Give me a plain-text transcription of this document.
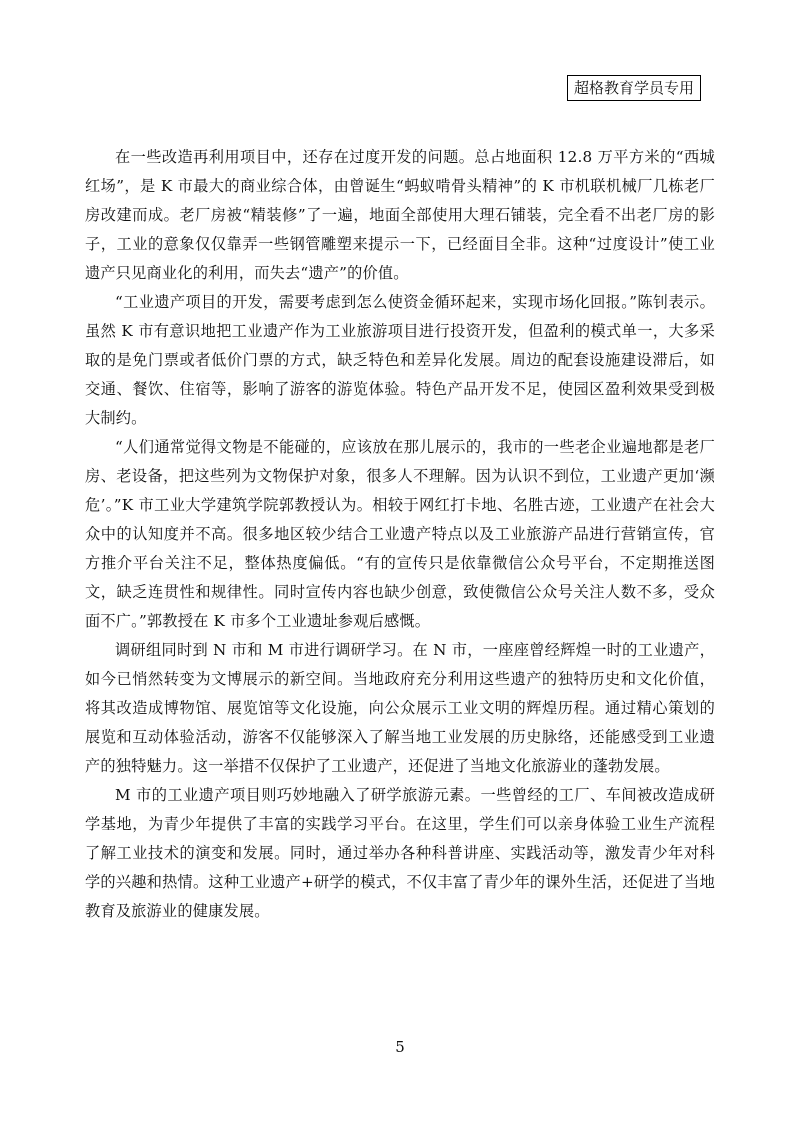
超格教育学员专用

在一些改造再利用项目中，还存在过度开发的问题。总占地面积 12.8 万平方米的“西城红场”，是 K 市最大的商业综合体，由曾诞生“蚂蚁啃骨头精神”的 K 市机联机械厂几栋老厂房改建而成。老厂房被“精装修”了一遍，地面全部使用大理石铺装，完全看不出老厂房的影子，工业的意象仅仅靠弄一些钢管雕塑来提示一下，已经面目全非。这种“过度设计”使工业遗产只见商业化的利用，而失去“遗产”的价值。

“工业遗产项目的开发，需要考虑到怎么使资金循环起来，实现市场化回报。”陈钊表示。虽然 K 市有意识地把工业遗产作为工业旅游项目进行投资开发，但盈利的模式单一，大多采取的是免门票或者低价门票的方式，缺乏特色和差异化发展。周边的配套设施建设滞后，如交通、餐饮、住宿等，影响了游客的游览体验。特色产品开发不足，使园区盈利效果受到极大制约。

“人们通常觉得文物是不能碰的，应该放在那儿展示的，我市的一些老企业遍地都是老厂房、老设备，把这些列为文物保护对象，很多人不理解。因为认识不到位，工业遗产更加‘濒危’。”K 市工业大学建筑学院郭教授认为。相较于网红打卡地、名胜古迹，工业遗产在社会大众中的认知度并不高。很多地区较少结合工业遗产特点以及工业旅游产品进行营销宣传，官方推介平台关注不足，整体热度偏低。“有的宣传只是依靠微信公众号平台，不定期推送图文，缺乏连贯性和规律性。同时宣传内容也缺少创意，致使微信公众号关注人数不多，受众面不广。”郭教授在 K 市多个工业遗址参观后感慨。

调研组同时到 N 市和 M 市进行调研学习。在 N 市，一座座曾经辉煌一时的工业遗产，如今已悄然转变为文博展示的新空间。当地政府充分利用这些遗产的独特历史和文化价值，将其改造成博物馆、展览馆等文化设施，向公众展示工业文明的辉煌历程。通过精心策划的展览和互动体验活动，游客不仅能够深入了解当地工业发展的历史脉络，还能感受到工业遗产的独特魅力。这一举措不仅保护了工业遗产，还促进了当地文化旅游业的蓬勃发展。

M 市的工业遗产项目则巧妙地融入了研学旅游元素。一些曾经的工厂、车间被改造成研学基地，为青少年提供了丰富的实践学习平台。在这里，学生们可以亲身体验工业生产流程了解工业技术的演变和发展。同时，通过举办各种科普讲座、实践活动等，激发青少年对科学的兴趣和热情。这种工业遗产+研学的模式，不仅丰富了青少年的课外生活，还促进了当地教育及旅游业的健康发展。

5
